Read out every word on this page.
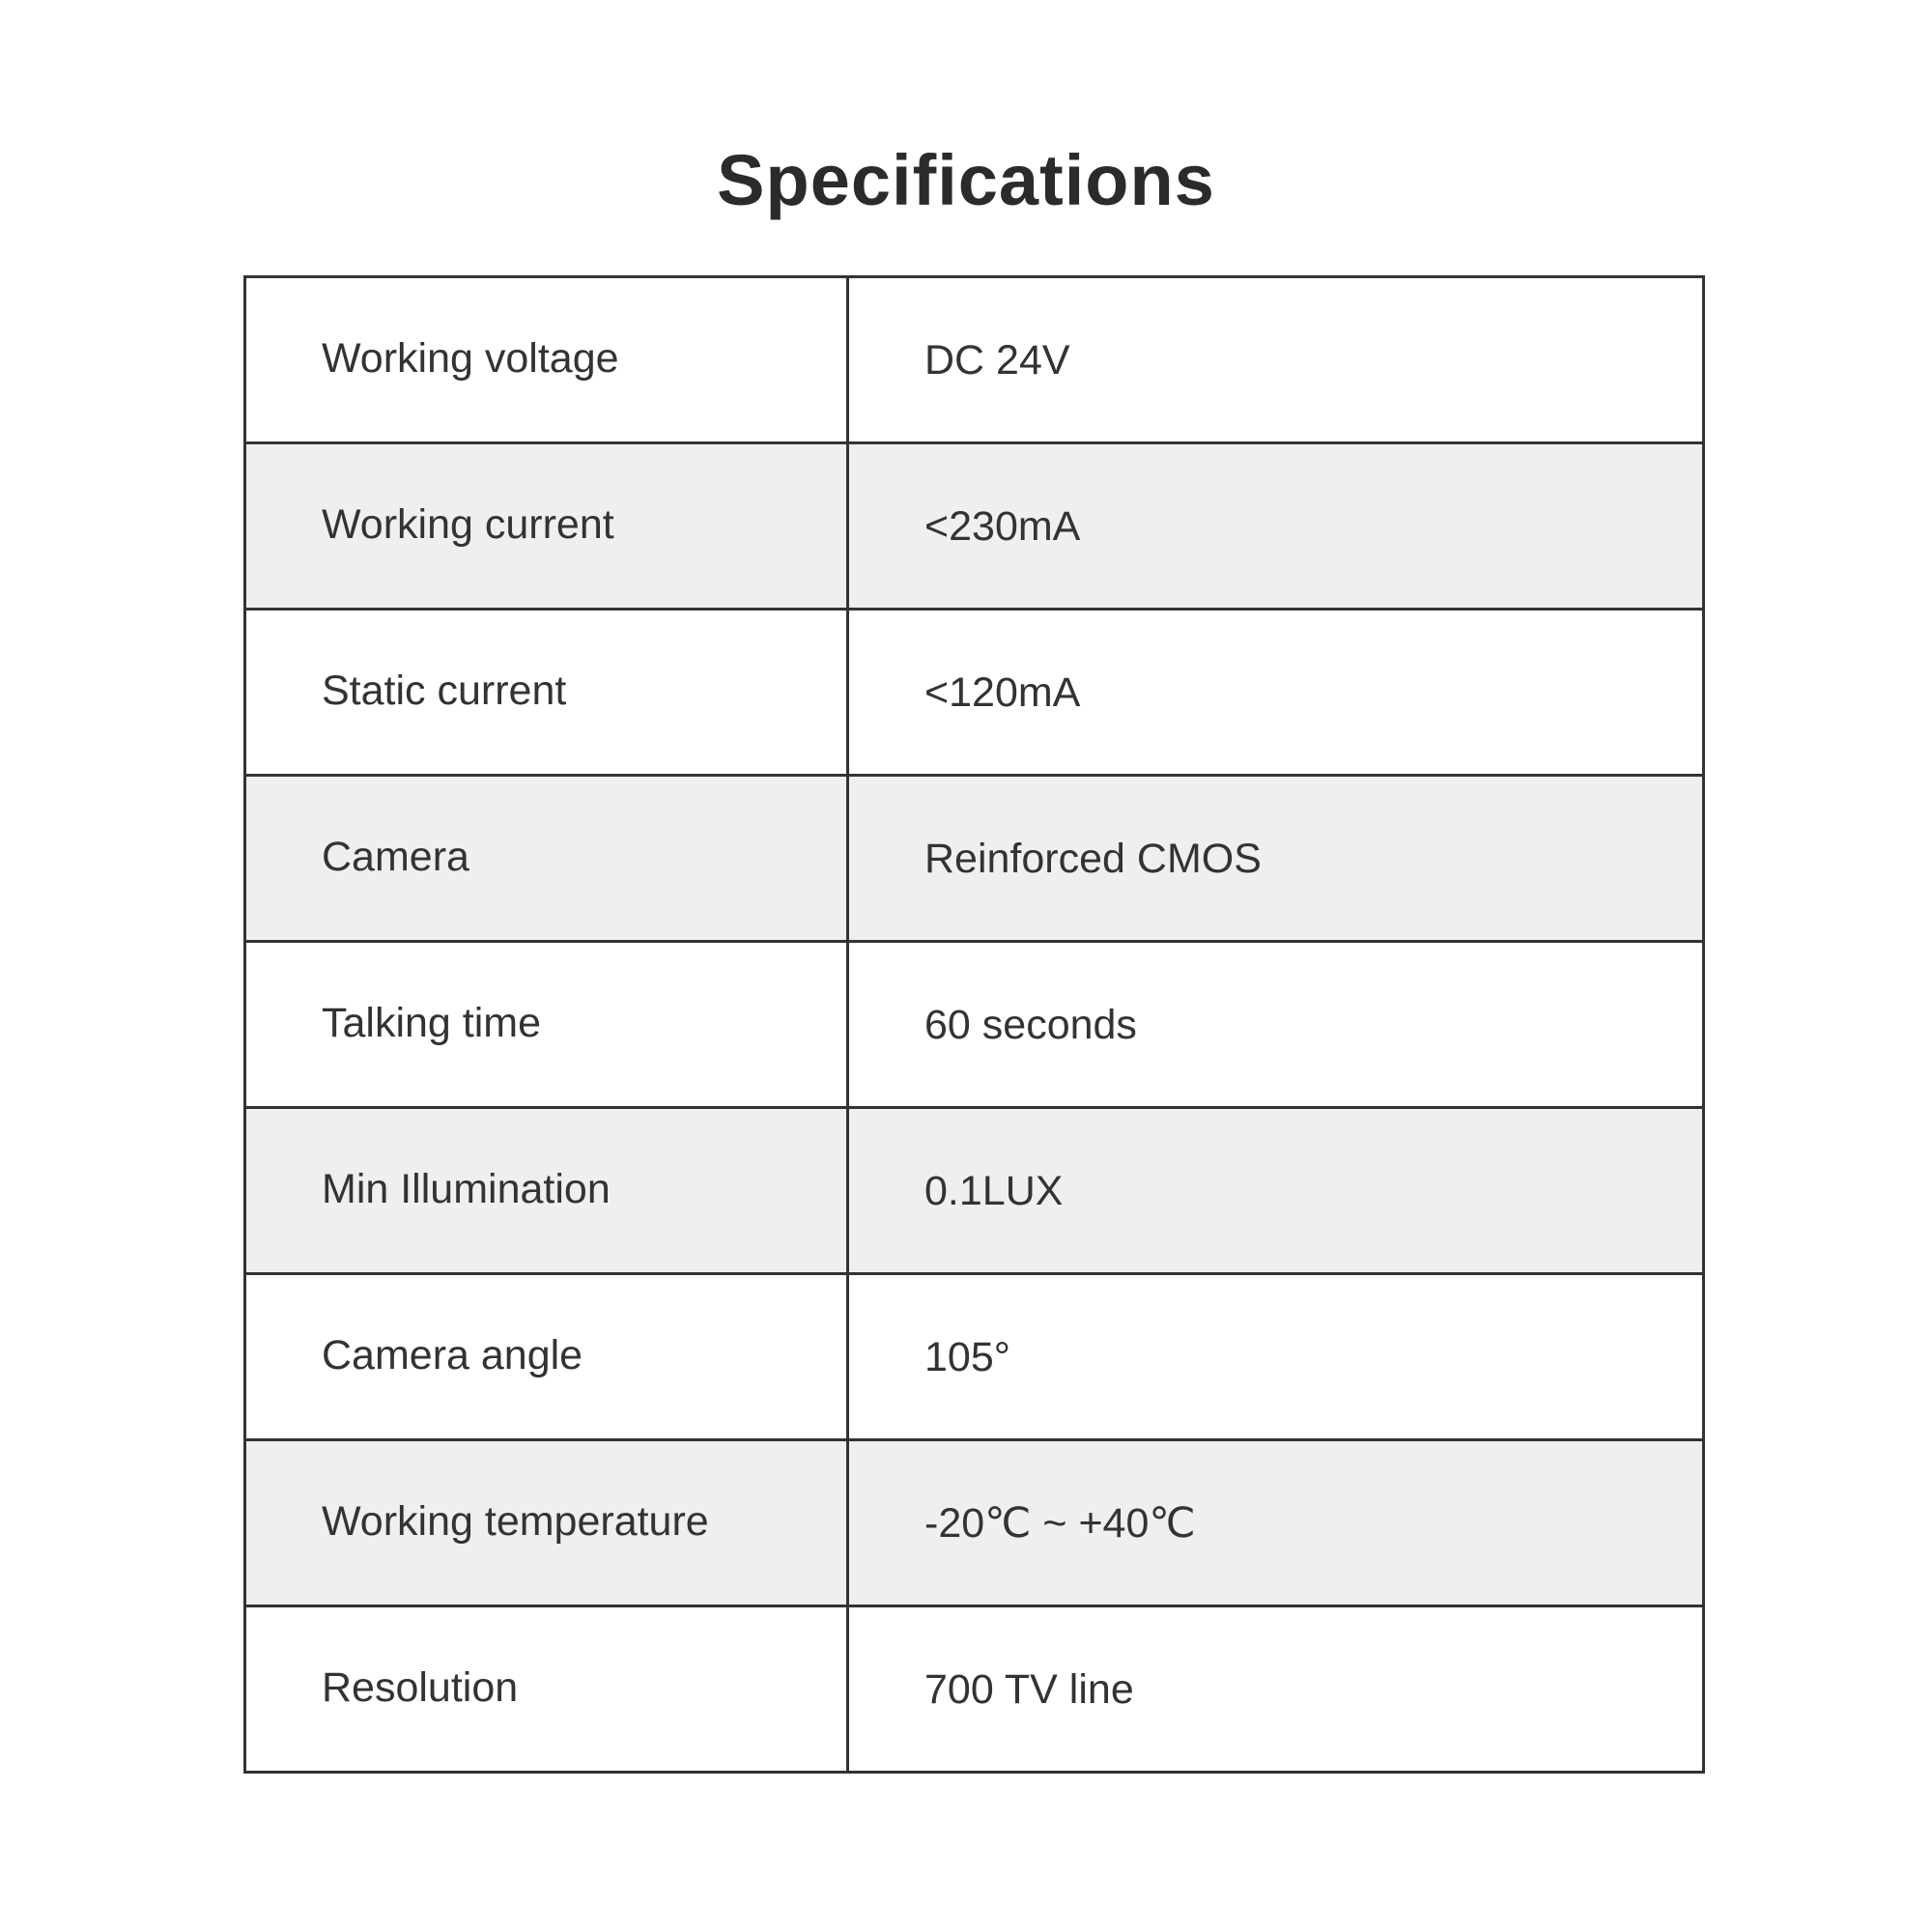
Specifications
Working voltage	DC 24V
Working current	<230mA
Static current	<120mA
Camera	Reinforced CMOS
Talking time	60 seconds
Min Illumination	0.1LUX
Camera angle	105°
Working temperature	-20℃ ~ +40℃
Resolution	700 TV line
